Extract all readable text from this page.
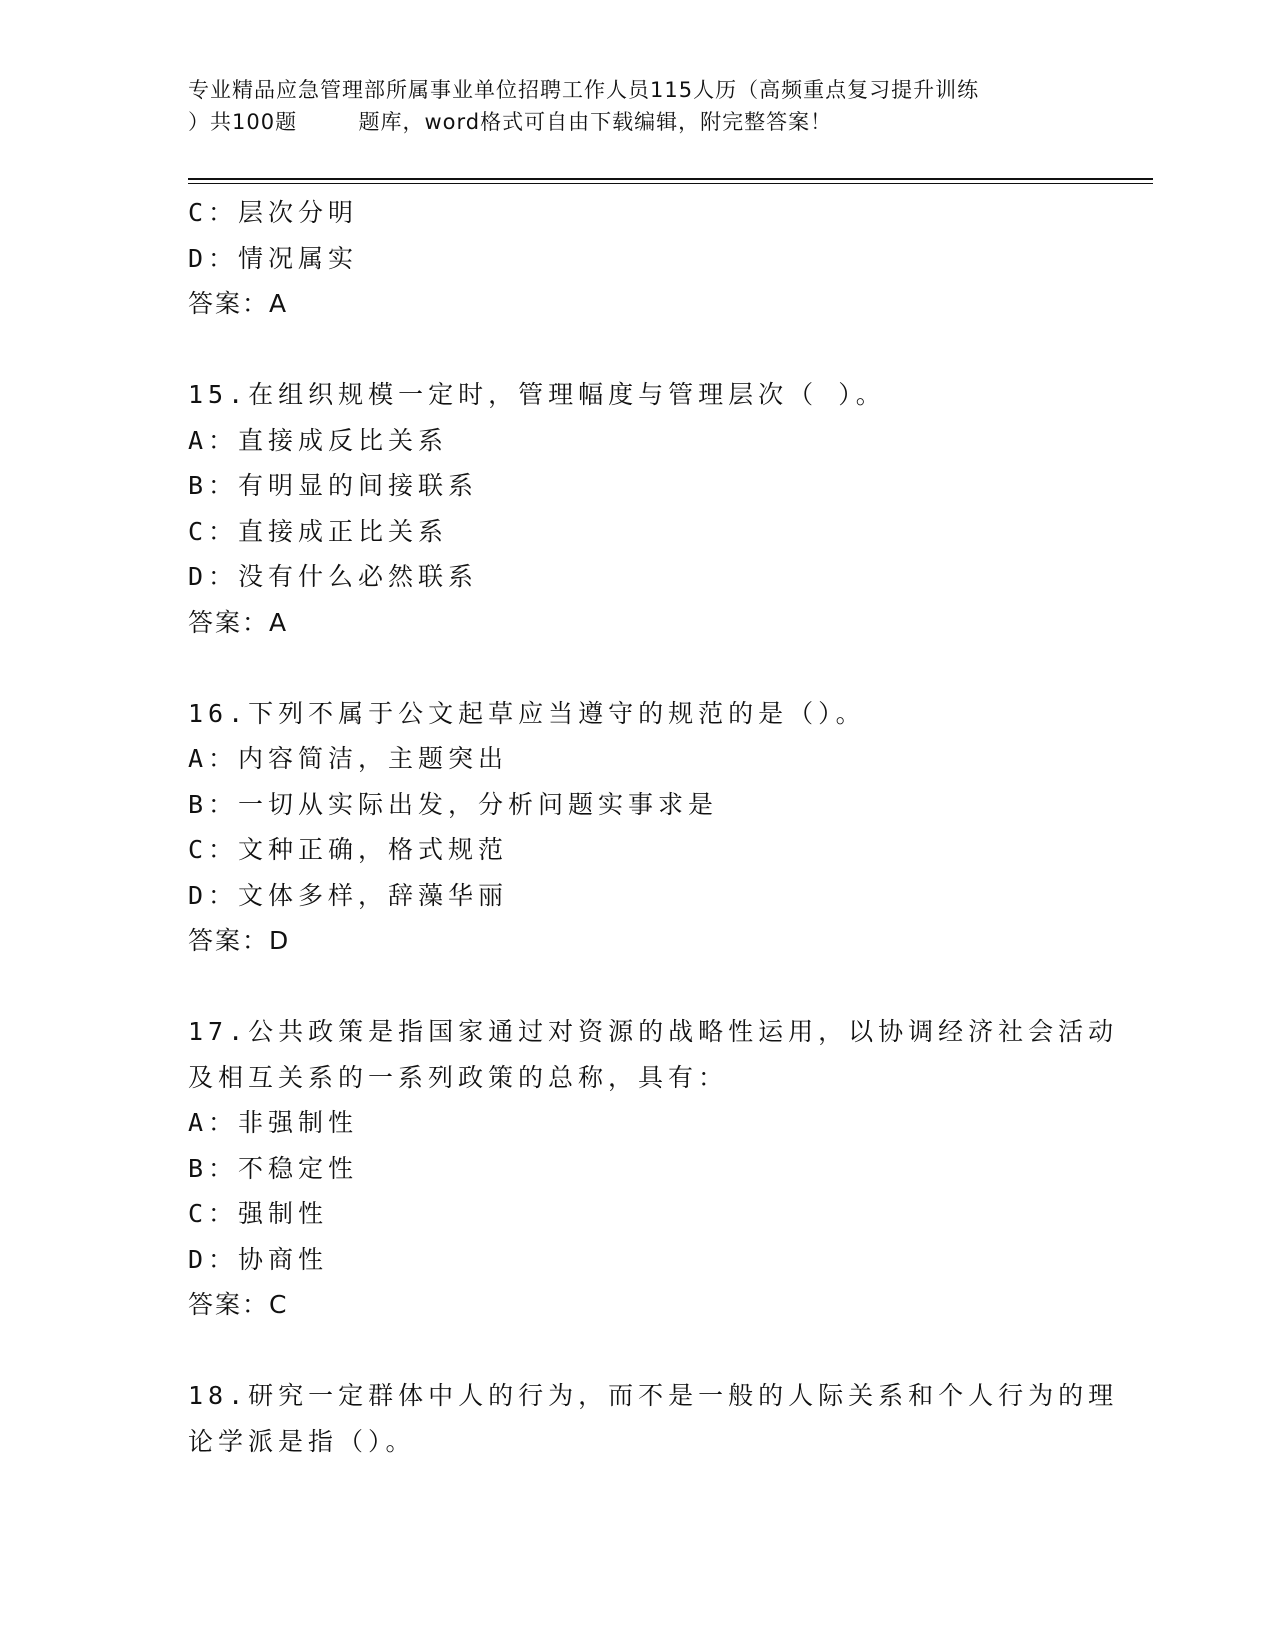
专业精品应急管理部所属事业单位招聘工作人员115人历（高频重点复习提升训练
）共100题        题库，word格式可自由下载编辑，附完整答案！
C：层次分明
D：情况属实
答案：A
15.在组织规模一定时，管理幅度与管理层次（ ）。
A：直接成反比关系
B：有明显的间接联系
C：直接成正比关系
D：没有什么必然联系
答案：A
16.下列不属于公文起草应当遵守的规范的是（）。
A：内容简洁，主题突出
B：一切从实际出发，分析问题实事求是
C：文种正确，格式规范
D：文体多样，辞藻华丽
答案：D
17.公共政策是指国家通过对资源的战略性运用，以协调经济社会活动
及相互关系的一系列政策的总称，具有：
A：非强制性
B：不稳定性
C：强制性
D：协商性
答案：C
18.研究一定群体中人的行为，而不是一般的人际关系和个人行为的理
论学派是指（）。
